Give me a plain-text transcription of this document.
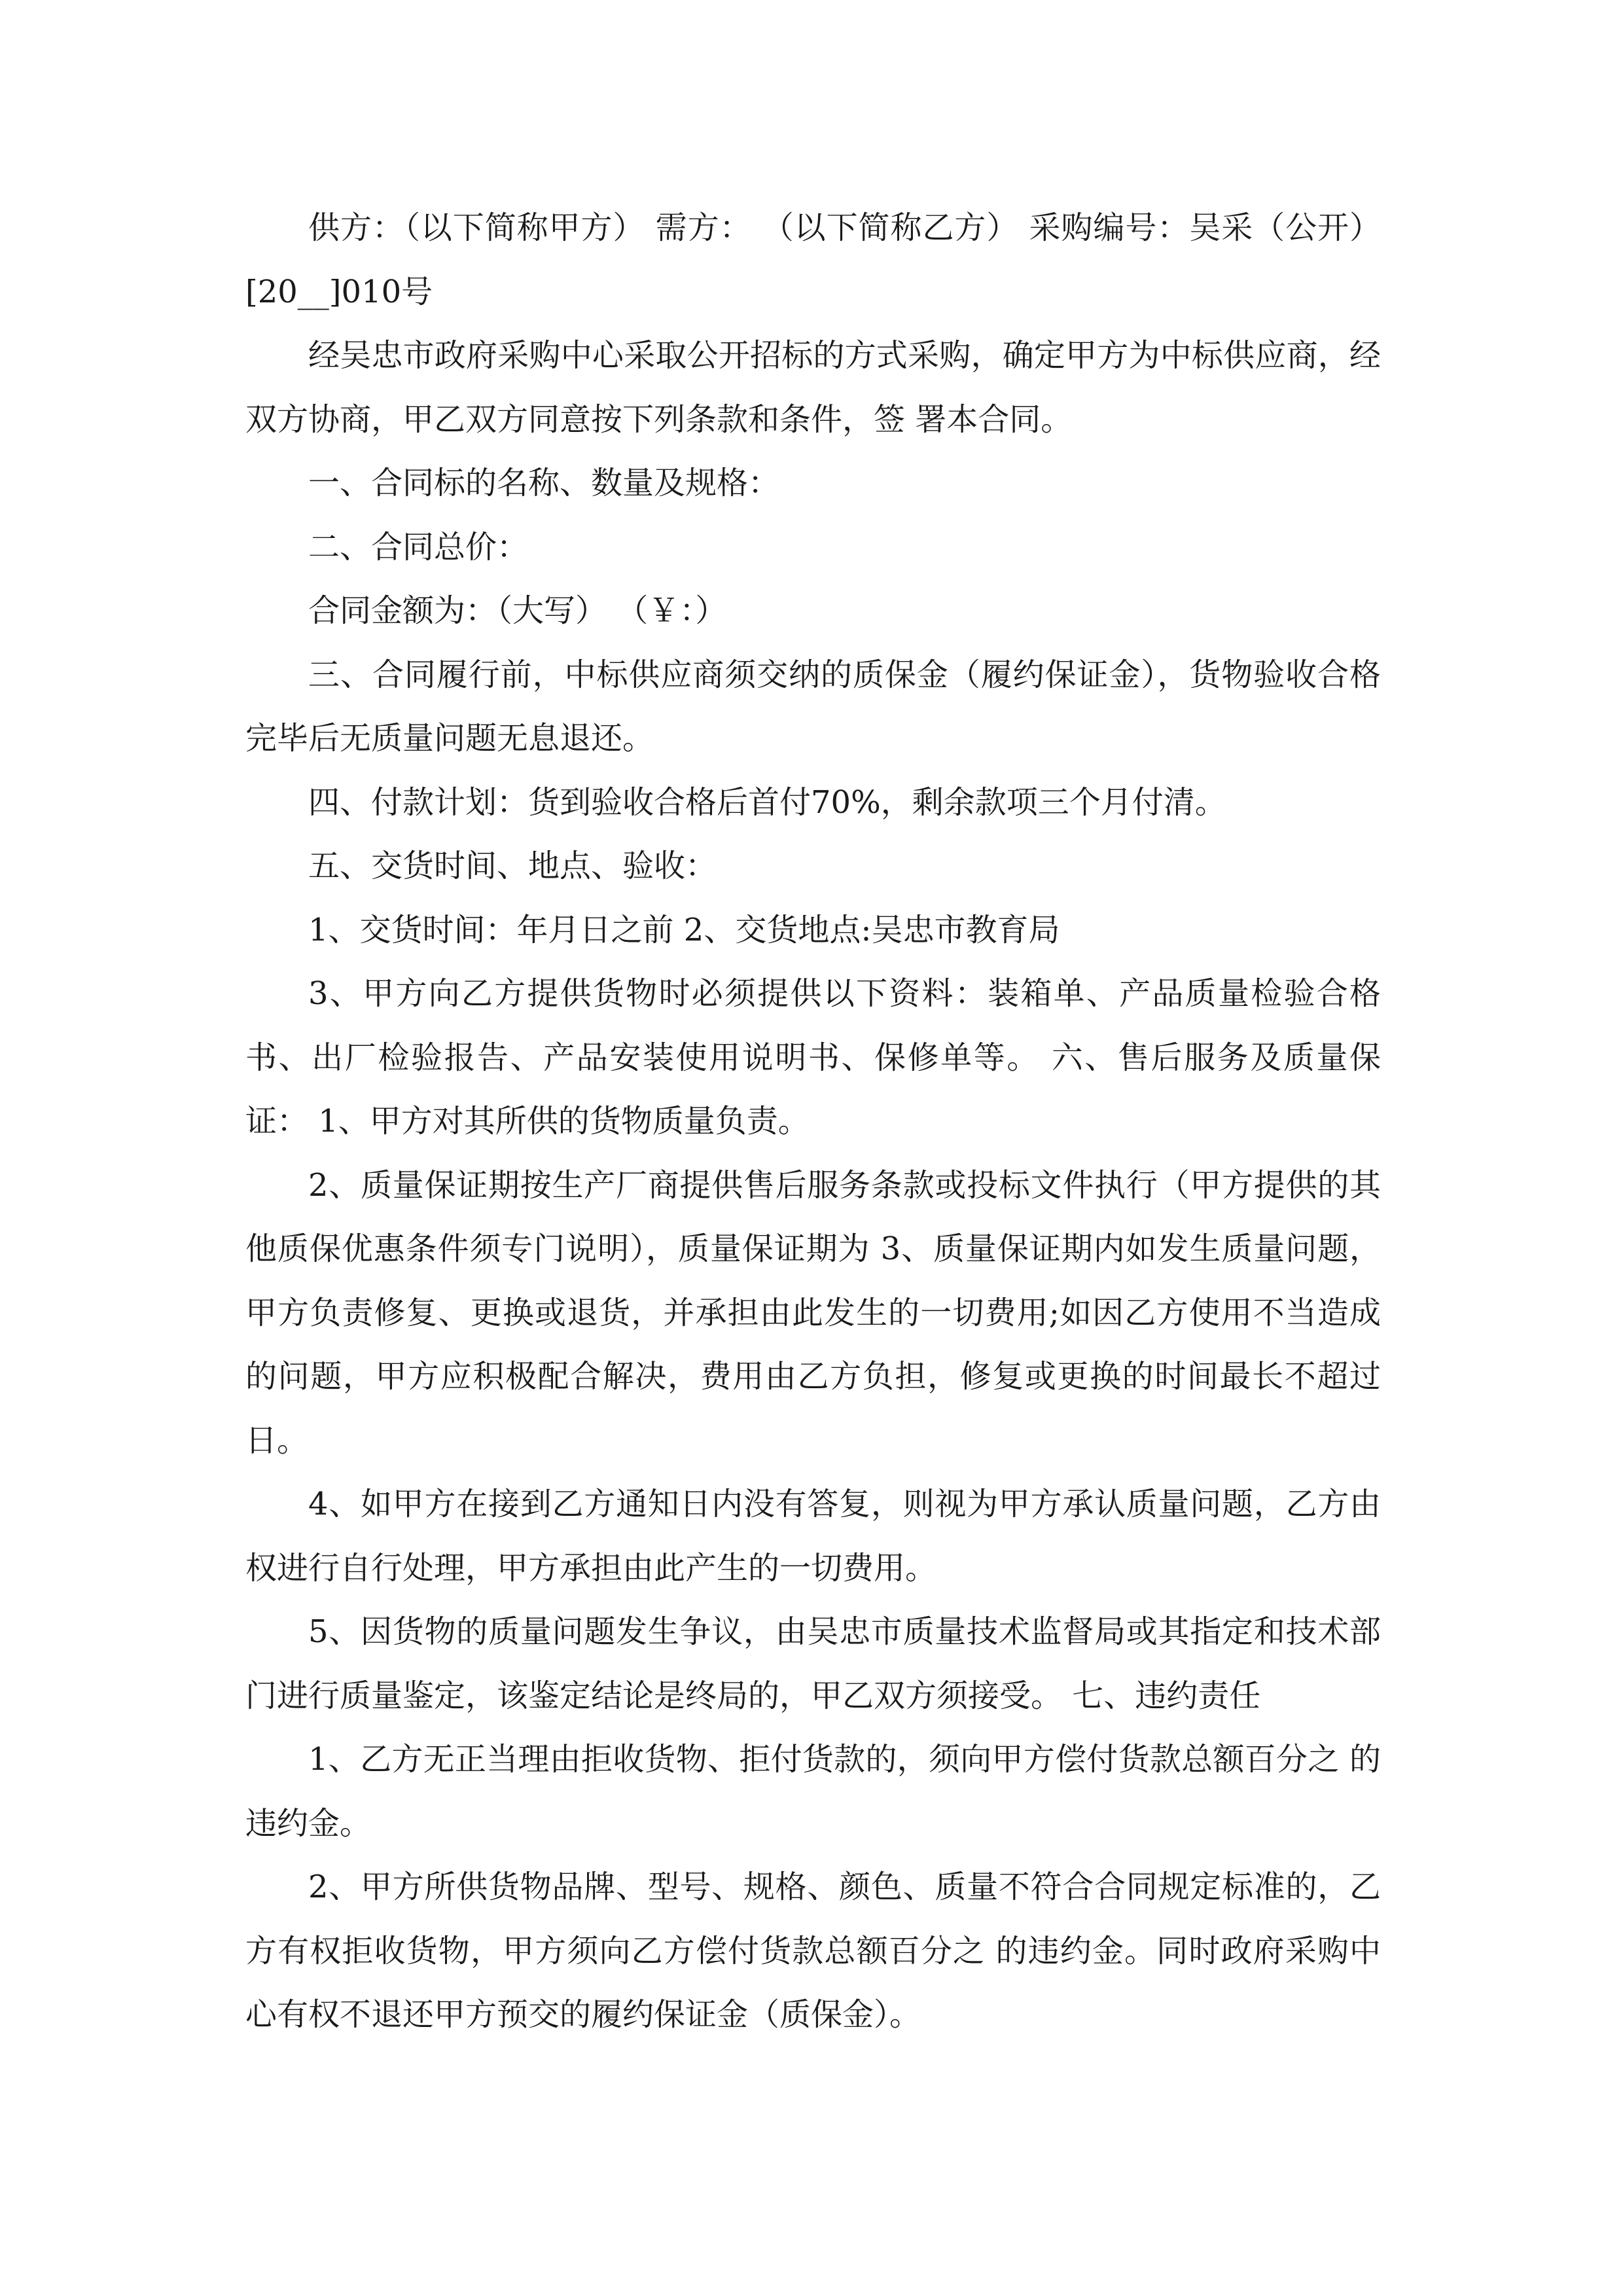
供方：（以下简称甲方） 需方： （以下简称乙方） 采购编号：吴采（公开）[20__]010号

经吴忠市政府采购中心采取公开招标的方式采购，确定甲方为中标供应商，经双方协商，甲乙双方同意按下列条款和条件，签 署本合同。

一、合同标的名称、数量及规格：

二、合同总价：

合同金额为：（大写） （￥：）

三、合同履行前，中标供应商须交纳的质保金（履约保证金），货物验收合格完毕后无质量问题无息退还。

四、付款计划：货到验收合格后首付70%，剩余款项三个月付清。

五、交货时间、地点、验收：

1、交货时间：年月日之前 2、交货地点:吴忠市教育局

3、甲方向乙方提供货物时必须提供以下资料：装箱单、产品质量检验合格书、出厂检验报告、产品安装使用说明书、保修单等。 六、售后服务及质量保证： 1、甲方对其所供的货物质量负责。

2、质量保证期按生产厂商提供售后服务条款或投标文件执行（甲方提供的其他质保优惠条件须专门说明），质量保证期为 3、质量保证期内如发生质量问题，甲方负责修复、更换或退货，并承担由此发生的一切费用;如因乙方使用不当造成的问题，甲方应积极配合解决，费用由乙方负担，修复或更换的时间最长不超过 日。

4、如甲方在接到乙方通知日内没有答复，则视为甲方承认质量问题，乙方由权进行自行处理，甲方承担由此产生的一切费用。

5、因货物的质量问题发生争议，由吴忠市质量技术监督局或其指定和技术部门进行质量鉴定，该鉴定结论是终局的，甲乙双方须接受。 七、违约责任

1、乙方无正当理由拒收货物、拒付货款的，须向甲方偿付货款总额百分之 的违约金。

2、甲方所供货物品牌、型号、规格、颜色、质量不符合合同规定标准的，乙方有权拒收货物，甲方须向乙方偿付货款总额百分之 的违约金。同时政府采购中心有权不退还甲方预交的履约保证金（质保金）。
